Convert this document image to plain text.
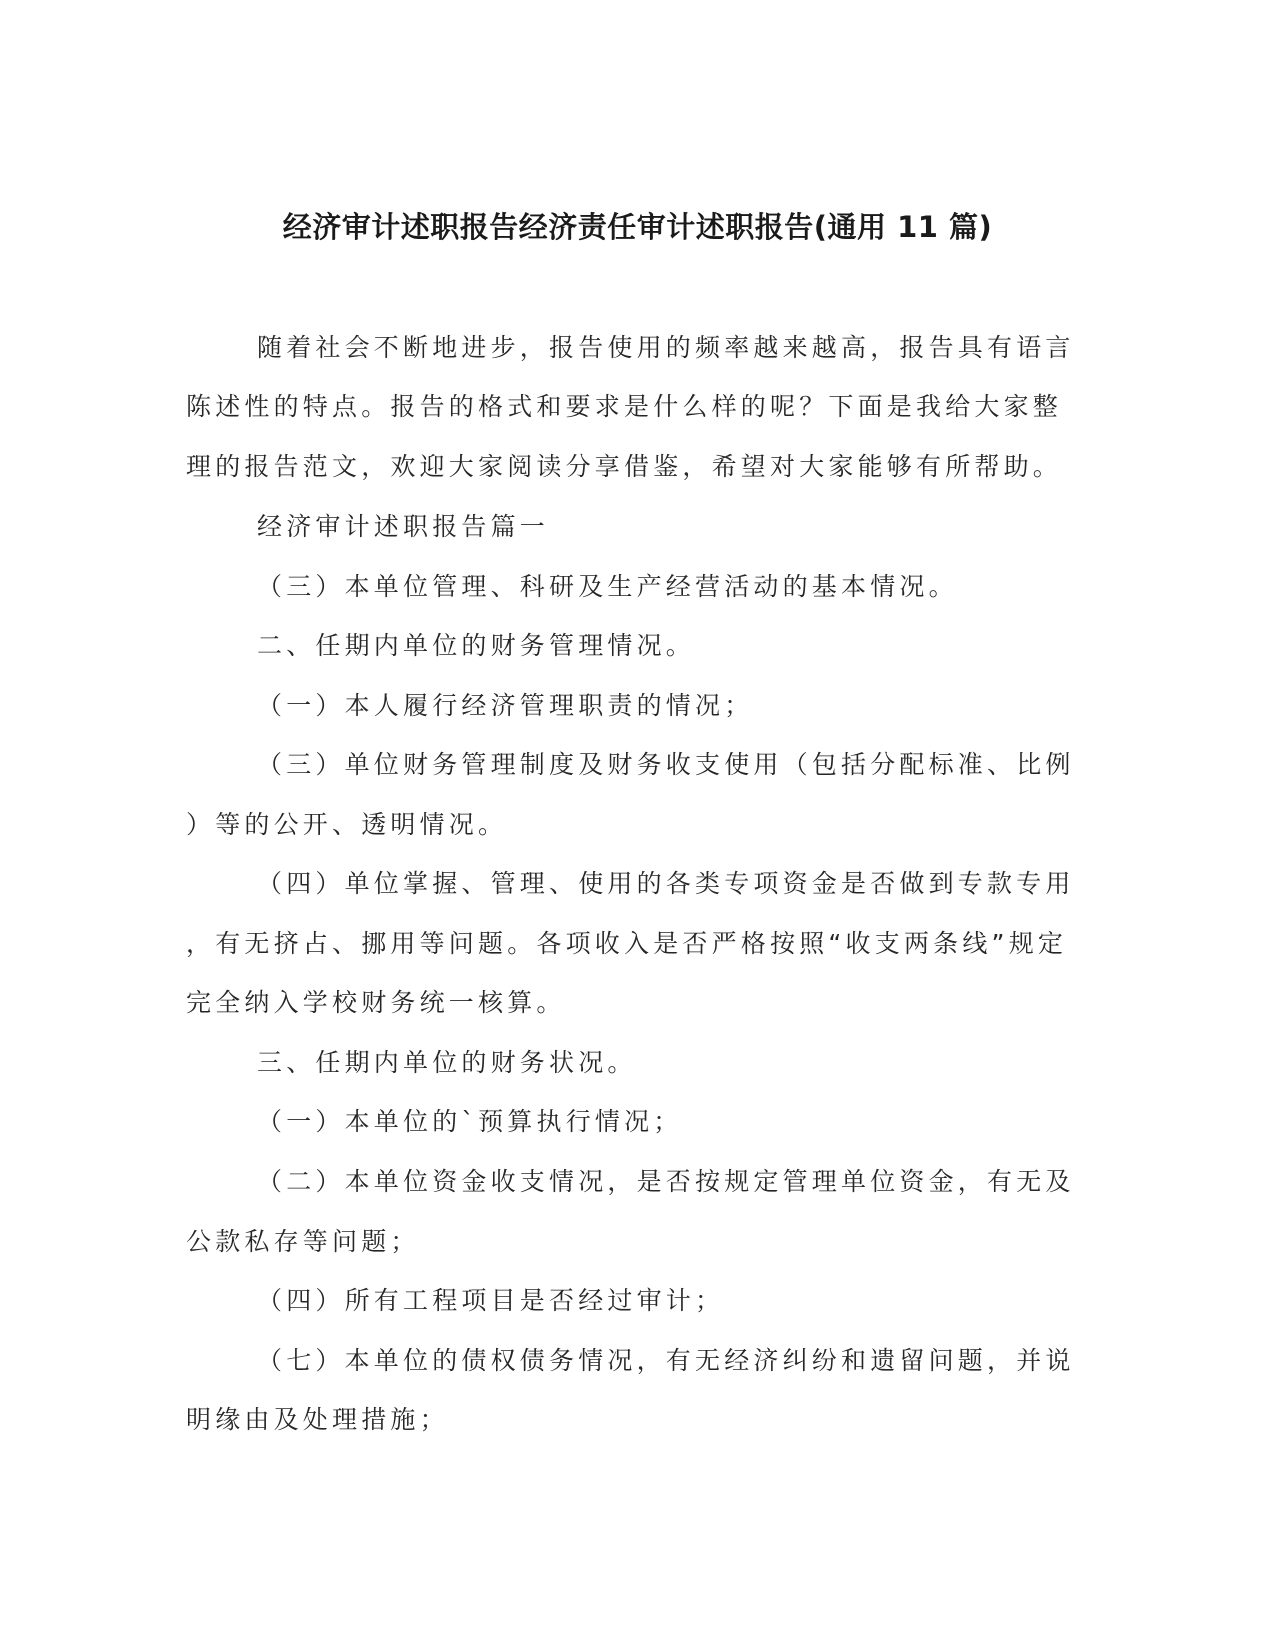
经济审计述职报告经济责任审计述职报告(通用 11 篇)
随着社会不断地进步，报告使用的频率越来越高，报告具有语言
陈述性的特点。报告的格式和要求是什么样的呢？下面是我给大家整
理的报告范文，欢迎大家阅读分享借鉴，希望对大家能够有所帮助。
经济审计述职报告篇一
（三）本单位管理、科研及生产经营活动的基本情况。
二、任期内单位的财务管理情况。
（一）本人履行经济管理职责的情况；
（三）单位财务管理制度及财务收支使用（包括分配标准、比例
）等的公开、透明情况。
（四）单位掌握、管理、使用的各类专项资金是否做到专款专用
，有无挤占、挪用等问题。各项收入是否严格按照“收支两条线”规定
完全纳入学校财务统一核算。
三、任期内单位的财务状况。
（一）本单位的`预算执行情况；
（二）本单位资金收支情况，是否按规定管理单位资金，有无及
公款私存等问题；
（四）所有工程项目是否经过审计；
（七）本单位的债权债务情况，有无经济纠纷和遗留问题，并说
明缘由及处理措施；
